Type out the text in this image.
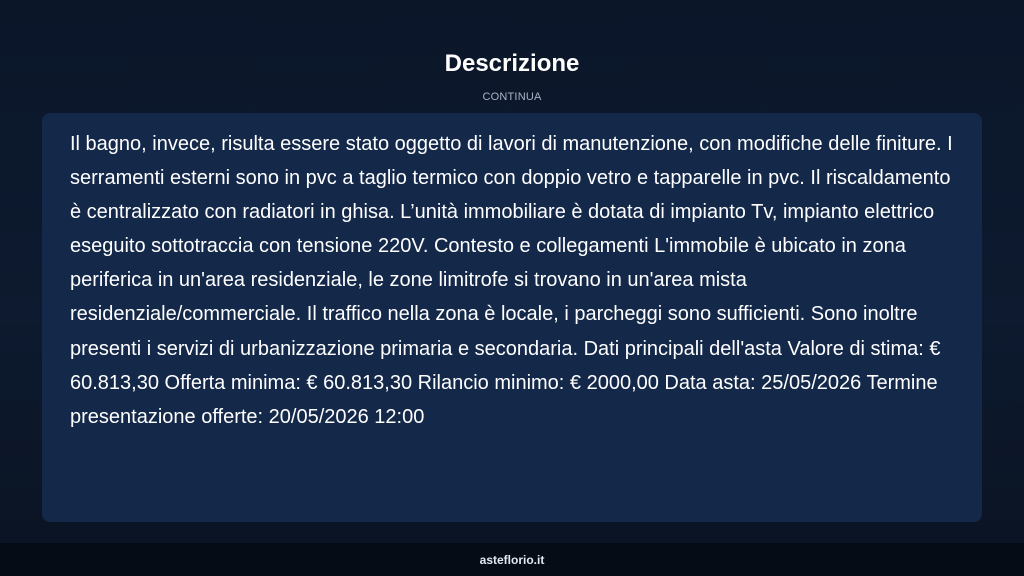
Descrizione
CONTINUA

Il bagno, invece, risulta essere stato oggetto di lavori di manutenzione, con modifiche delle finiture. I serramenti esterni sono in pvc a taglio termico con doppio vetro e tapparelle in pvc. Il riscaldamento è centralizzato con radiatori in ghisa. L’unità immobiliare è dotata di impianto Tv, impianto elettrico eseguito sottotraccia con tensione 220V. Contesto e collegamenti L'immobile è ubicato in zona periferica in un'area residenziale, le zone limitrofe si trovano in un'area mista residenziale/commerciale. Il traffico nella zona è locale, i parcheggi sono sufficienti. Sono inoltre presenti i servizi di urbanizzazione primaria e secondaria. Dati principali dell'asta Valore di stima: € 60.813,30 Offerta minima: € 60.813,30 Rilancio minimo: € 2000,00 Data asta: 25/05/2026 Termine presentazione offerte: 20/05/2026 12:00

asteflorio.it
